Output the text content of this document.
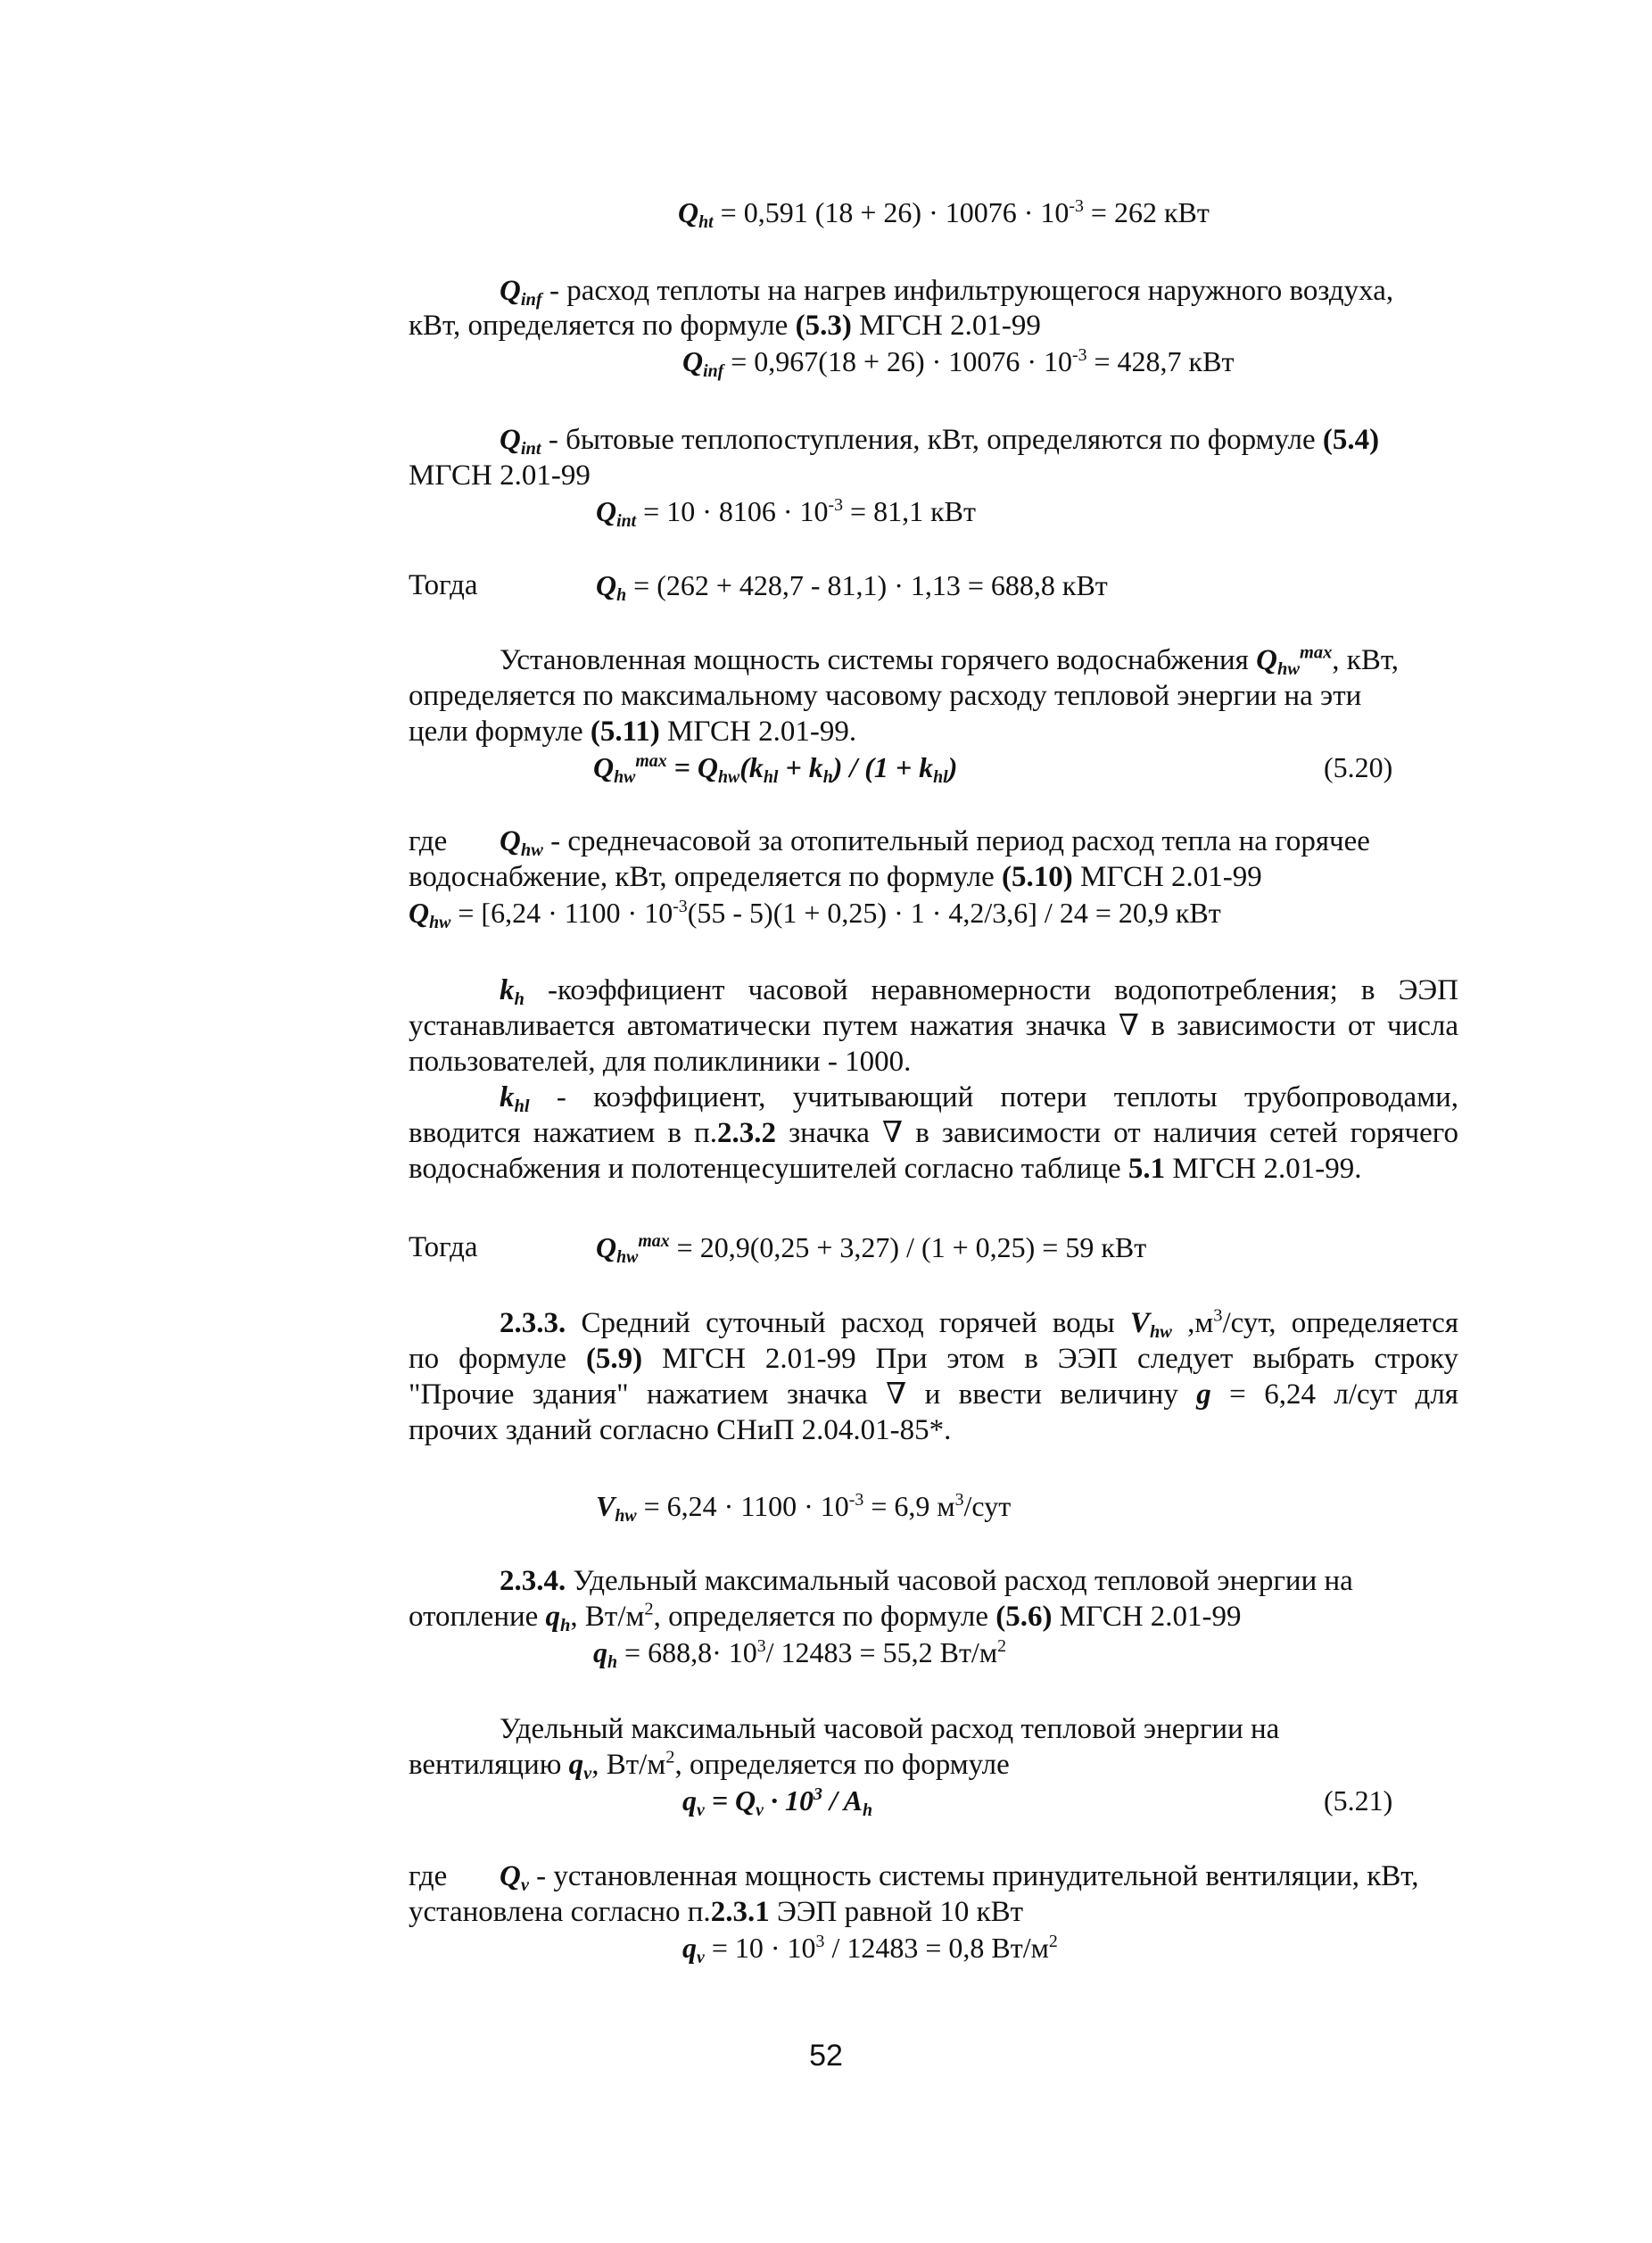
$Q_{ht} = 0,591$ $(18 + 26) \cdot 10076 \cdot 10^{-3} = 262$ кВт
$Q_{inf}$ - расход теплоты на нагрев инфильтрующегося наружного воздуха,
кВт, определяется по формуле (5.3) МГСН 2.01-99
$Q_{inf} = 0,967(18 + 26) \cdot 10076 \cdot 10^{-3} = 428,7$ кВт
$Q_{int}$ - бытовые теплопоступления, кВт, определяются по формуле (5.4)
МГСН 2.01-99
$Q_{int} = 10 \cdot 8106 \cdot 10^{-3} = 81,1$ кВт
Тогда	$Q_h = (262 + 428,7 - 81,1) \cdot 1,13 = 688,8$ кВт
Установленная мощность системы горячего водоснабжения $Q_{hw}^{max}$, кВт,
определяется по максимальному часовому расходу тепловой энергии на эти
цели формуле (5.11) МГСН 2.01-99.
$Q_{hw}^{max} = Q_{hw}(k_{hl} + k_h) / (1 + k_{hl})$	(5.20)
где $Q_{hw}$ - среднечасовой за отопительный период расход тепла на горячее
водоснабжение, кВт, определяется по формуле (5.10) МГСН 2.01-99
$Q_{hw} = [6,24 \cdot 1100 \cdot 10^{-3}(55 - 5)(1 + 0,25) \cdot 1 \cdot 4,2/3,6] / 24 = 20,9$ кВт
$k_h$ -коэффициент часовой неравномерности водопотребления; в ЭЭП
устанавливается автоматически путем нажатия значка ∇ в зависимости от числа
пользователей, для поликлиники - 1000.
$k_{hl}$ - коэффициент, учитывающий потери теплоты трубопроводами,
вводится нажатием в п.2.3.2 значка ∇ в зависимости от наличия сетей горячего
водоснабжения и полотенцесушителей согласно таблице 5.1 МГСН 2.01-99.
Тогда	$Q_{hw}^{max} = 20,9(0,25 + 3,27) / (1 + 0,25) = 59$ кВт
2.3.3. Средний суточный расход горячей воды $V_{hw}$ $,м^3$/сут, определяется
по формуле (5.9) МГСН 2.01-99 При этом в ЭЭП следует выбрать строку
"Прочие здания" нажатием значка ∇ и ввести величину g = 6,24 л/сут для
прочих зданий согласно СНиП 2.04.01-85*.
$V_{hw} = 6,24 \cdot 1100 \cdot 10^{-3} = 6,9$ $м^3$/сут
2.3.4. Удельный максимальный часовой расход тепловой энергии на
отопление $q_h$, $Вт/м^2$, определяется по формуле (5.6) МГСН 2.01-99
$q_h = 688,8\cdot 10^3/$ 12483 = 55,2 $Вт/м^2$
Удельный максимальный часовой расход тепловой энергии на
вентиляцию $q_v$, $Вт/м^2$, определяется по формуле
$q_v = Q_v \cdot 10^3 / A_h$	(5.21)
где $Q_v$ - установленная мощность системы принудительной вентиляции, кВт,
установлена согласно п.2.3.1 ЭЭП равной 10 кВт
$q_v = 10 \cdot 10^3 / 12483 = 0,8$ $Вт/м^2$
52
